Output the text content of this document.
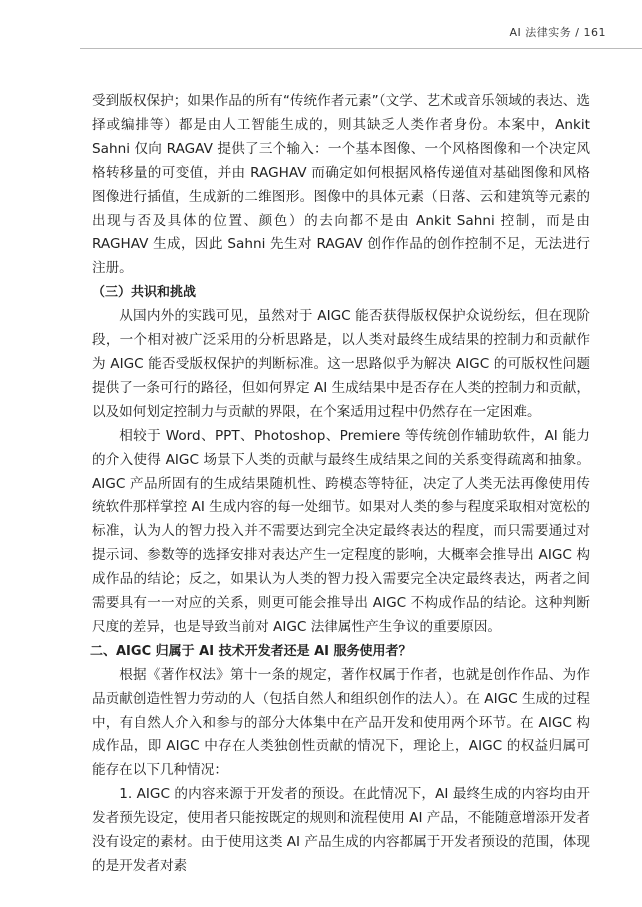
AI 法律实务 / 161

受到版权保护；如果作品的所有“传统作者元素”（文学、艺术或音乐领域的表达、选择或编排等）都是由人工智能生成的，则其缺乏人类作者身份。本案中，Ankit Sahni 仅向 RAGAV 提供了三个输入：一个基本图像、一个风格图像和一个决定风格转移量的可变值，并由 RAGHAV 而确定如何根据风格传递值对基础图像和风格图像进行插值，生成新的二维图形。图像中的具体元素（日落、云和建筑等元素的出现与否及具体的位置、颜色）的去向都不是由 Ankit Sahni 控制，而是由 RAGHAV 生成，因此 Sahni 先生对 RAGAV 创作作品的创作控制不足，无法进行注册。

（三）共识和挑战

从国内外的实践可见，虽然对于 AIGC 能否获得版权保护众说纷纭，但在现阶段，一个相对被广泛采用的分析思路是，以人类对最终生成结果的控制力和贡献作为 AIGC 能否受版权保护的判断标准。这一思路似乎为解决 AIGC 的可版权性问题提供了一条可行的路径，但如何界定 AI 生成结果中是否存在人类的控制力和贡献，以及如何划定控制力与贡献的界限，在个案适用过程中仍然存在一定困难。

相较于 Word、PPT、Photoshop、Premiere 等传统创作辅助软件，AI 能力的介入使得 AIGC 场景下人类的贡献与最终生成结果之间的关系变得疏离和抽象。AIGC 产品所固有的生成结果随机性、跨模态等特征，决定了人类无法再像使用传统软件那样掌控 AI 生成内容的每一处细节。如果对人类的参与程度采取相对宽松的标准，认为人的智力投入并不需要达到完全决定最终表达的程度，而只需要通过对提示词、参数等的选择安排对表达产生一定程度的影响，大概率会推导出 AIGC 构成作品的结论；反之，如果认为人类的智力投入需要完全决定最终表达，两者之间需要具有一一对应的关系，则更可能会推导出 AIGC 不构成作品的结论。这种判断尺度的差异，也是导致当前对 AIGC 法律属性产生争议的重要原因。

二、AIGC 归属于 AI 技术开发者还是 AI 服务使用者？

根据《著作权法》第十一条的规定，著作权属于作者，也就是创作作品、为作品贡献创造性智力劳动的人（包括自然人和组织创作的法人）。在 AIGC 生成的过程中，有自然人介入和参与的部分大体集中在产品开发和使用两个环节。在 AIGC 构成作品，即 AIGC 中存在人类独创性贡献的情况下，理论上，AIGC 的权益归属可能存在以下几种情况：

1. AIGC 的内容来源于开发者的预设。在此情况下，AI 最终生成的内容均由开发者预先设定，使用者只能按既定的规则和流程使用 AI 产品，不能随意增添开发者没有设定的素材。由于使用这类 AI 产品生成的内容都属于开发者预设的范围，体现的是开发者对素
